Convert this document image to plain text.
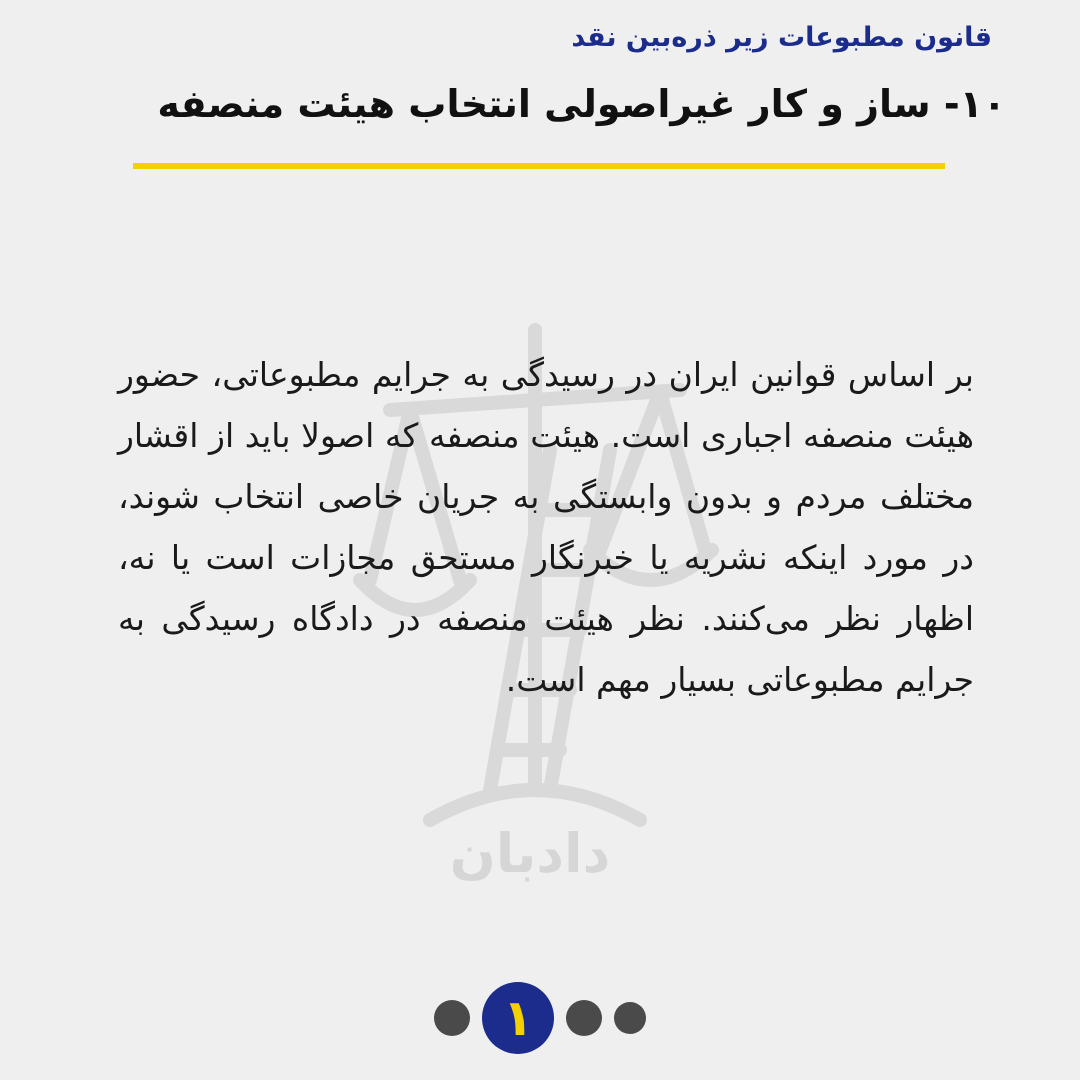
قانون مطبوعات زیر ذره‌بین نقد
۱۰- ساز و کار غیراصولی انتخاب هیئت منصفه
دادبان

بر اساس قوانین ایران در رسیدگی به جرایم مطبوعاتی، حضور هیئت منصفه اجباری است. هیئت منصفه که اصولا باید از اقشار مختلف مردم و بدون وابستگی به جریان خاصی انتخاب شوند، در مورد اینکه نشریه یا خبرنگار مستحق مجازات است یا نه، اظهار نظر می‌کنند. نظر هیئت منصفه در دادگاه رسیدگی به جرایم مطبوعاتی بسیار مهم است.

۱
